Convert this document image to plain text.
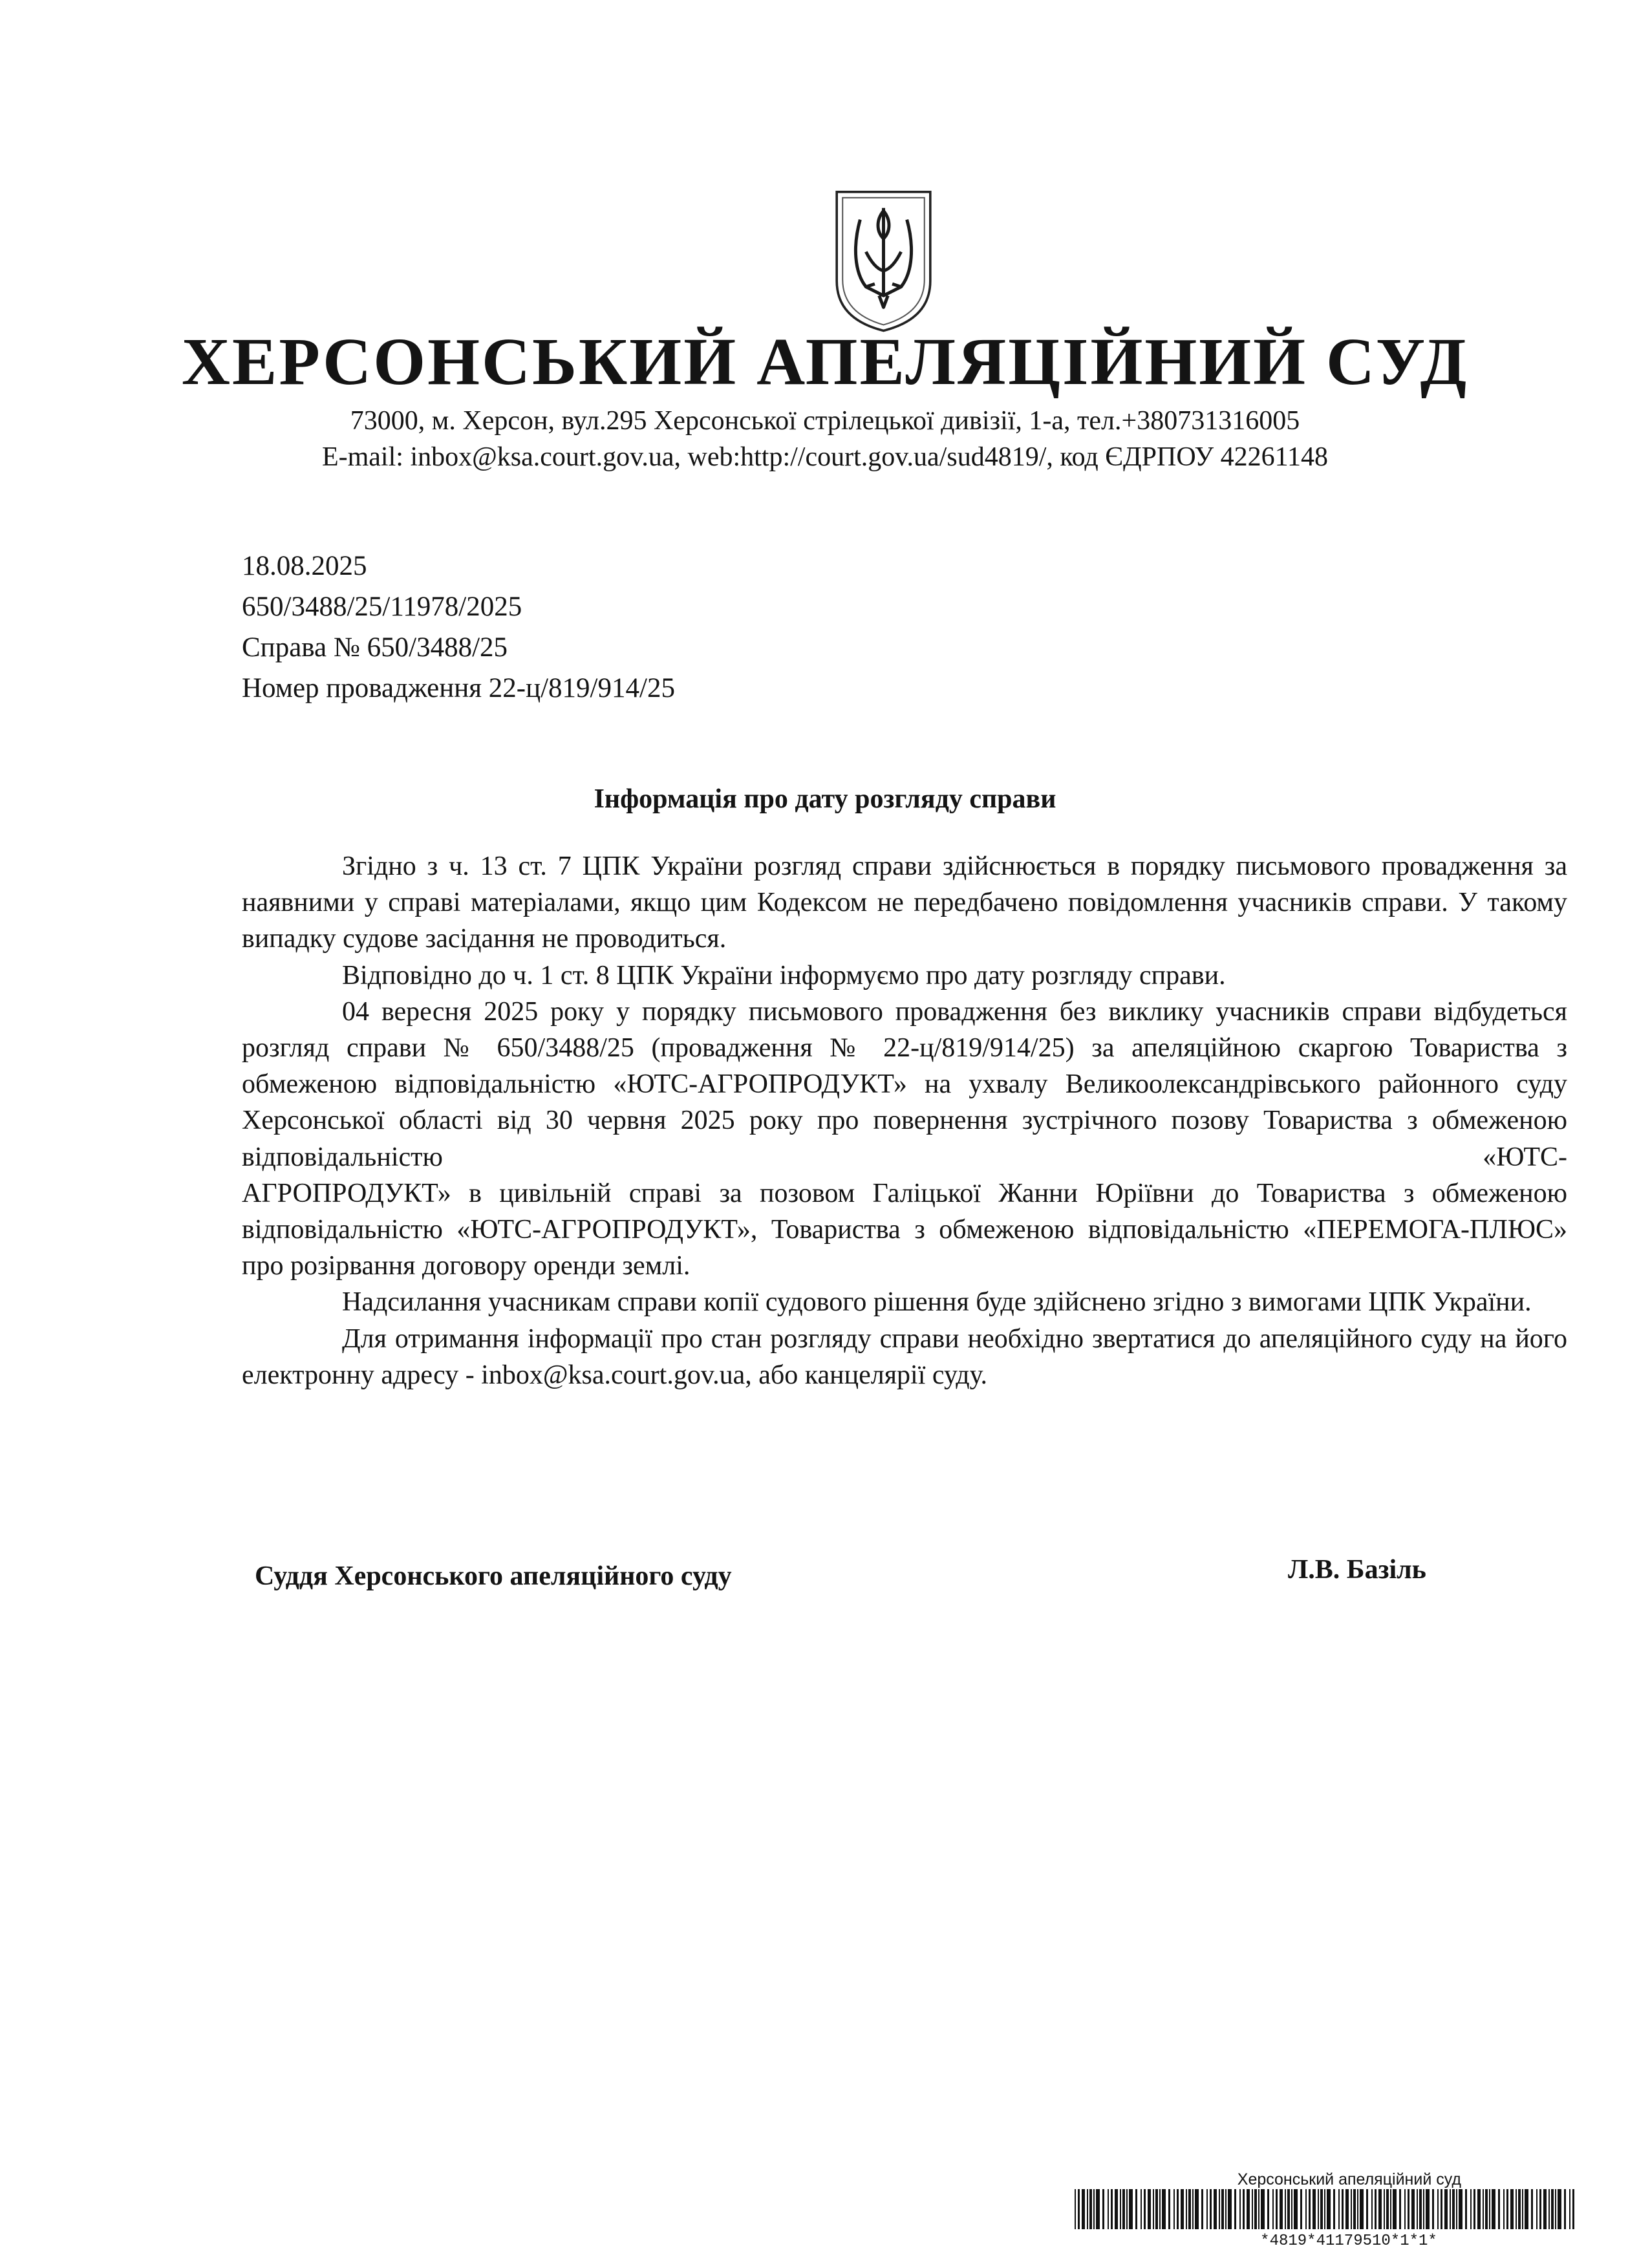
ХЕРСОНСЬКИЙ АПЕЛЯЦІЙНИЙ СУД
73000, м. Херсон, вул.295 Херсонської стрілецької дивізії, 1-а, тел.+380731316005
E-mail: inbox@ksa.court.gov.ua, web:http://court.gov.ua/sud4819/, код ЄДРПОУ 42261148
18.08.2025
650/3488/25/11978/2025
Справа № 650/3488/25
Номер провадження 22-ц/819/914/25
Інформація про дату розгляду справи

Згідно з ч. 13 ст. 7 ЦПК України розгляд справи здійснюється в порядку письмового провадження за наявними у справі матеріалами, якщо цим Кодексом не передбачено повідомлення учасників справи. У такому випадку судове засідання не проводиться.

Відповідно до ч. 1 ст. 8 ЦПК України інформуємо про дату розгляду справи.

04 вересня 2025 року у порядку письмового провадження без виклику учасників справи відбудеться розгляд справи № 650/3488/25 (провадження № 22-ц/819/914/25) за апеляційною скаргою Товариства з обмеженою відповідальністю «ЮТС-АГРОПРОДУКТ» на ухвалу Великоолександрівського районного суду Херсонської області від 30 червня 2025 року про повернення зустрічного позову Товариства з обмеженою відповідальністю «ЮТС-

АГРОПРОДУКТ» в цивільній справі за позовом Галіцької Жанни Юріївни до Товариства з обмеженою відповідальністю «ЮТС-АГРОПРОДУКТ», Товариства з обмеженою відповідальністю «ПЕРЕМОГА-ПЛЮС» про розірвання договору оренди землі.

Надсилання учасникам справи копії судового рішення буде здійснено згідно з вимогами ЦПК України.

Для отримання інформації про стан розгляду справи необхідно звертатися до апеляційного суду на його електронну адресу - inbox@ksa.court.gov.ua, або канцелярії суду.

Суддя Херсонського апеляційного суду	Л.В. Базіль
Херсонський апеляційний суд
*4819*41179510*1*1*
